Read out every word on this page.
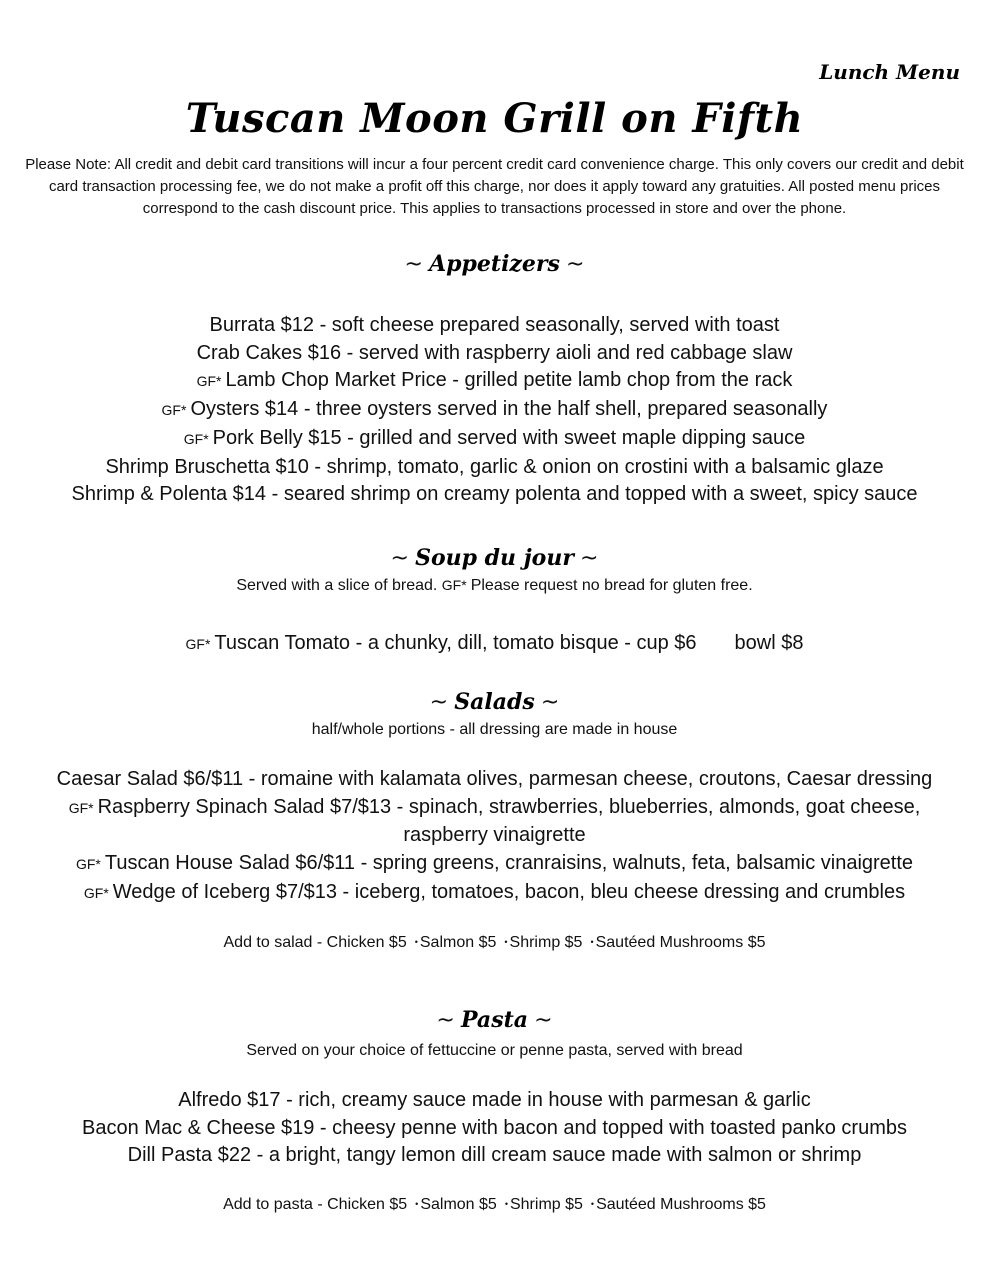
Lunch Menu
Tuscan Moon Grill on Fifth
Please Note: All credit and debit card transitions will incur a four percent credit card convenience charge. This only covers our credit and debit card transaction processing fee, we do not make a profit off this charge, nor does it apply toward any gratuities. All posted menu prices correspond to the cash discount price. This applies to transactions processed in store and over the phone.
~ Appetizers ~
Burrata $12 - soft cheese prepared seasonally, served with toast
Crab Cakes $16 - served with raspberry aioli and red cabbage slaw
GF* Lamb Chop Market Price - grilled petite lamb chop from the rack
GF* Oysters $14 - three oysters served in the half shell, prepared seasonally
GF* Pork Belly $15 - grilled and served with sweet maple dipping sauce
Shrimp Bruschetta $10 - shrimp, tomato, garlic & onion on crostini with a balsamic glaze
Shrimp & Polenta $14 - seared shrimp on creamy polenta and topped with a sweet, spicy sauce
~ Soup du jour ~
Served with a slice of bread. GF* Please request no bread for gluten free.
GF* Tuscan Tomato - a chunky, dill, tomato bisque - cup $6 bowl $8
~ Salads ~
half/whole portions - all dressing are made in house
Caesar Salad $6/$11 - romaine with kalamata olives, parmesan cheese, croutons, Caesar dressing
GF* Raspberry Spinach Salad $7/$13 - spinach, strawberries, blueberries, almonds, goat cheese,
raspberry vinaigrette
GF* Tuscan House Salad $6/$11 - spring greens, cranraisins, walnuts, feta, balsamic vinaigrette
GF* Wedge of Iceberg $7/$13 - iceberg, tomatoes, bacon, bleu cheese dressing and crumbles
Add to salad - Chicken $5 • Salmon $5 • Shrimp $5 • Sautéed Mushrooms $5
~ Pasta ~
Served on your choice of fettuccine or penne pasta, served with bread
Alfredo $17 - rich, creamy sauce made in house with parmesan & garlic
Bacon Mac & Cheese $19 - cheesy penne with bacon and topped with toasted panko crumbs
Dill Pasta $22 - a bright, tangy lemon dill cream sauce made with salmon or shrimp
Add to pasta - Chicken $5 • Salmon $5 • Shrimp $5 • Sautéed Mushrooms $5
